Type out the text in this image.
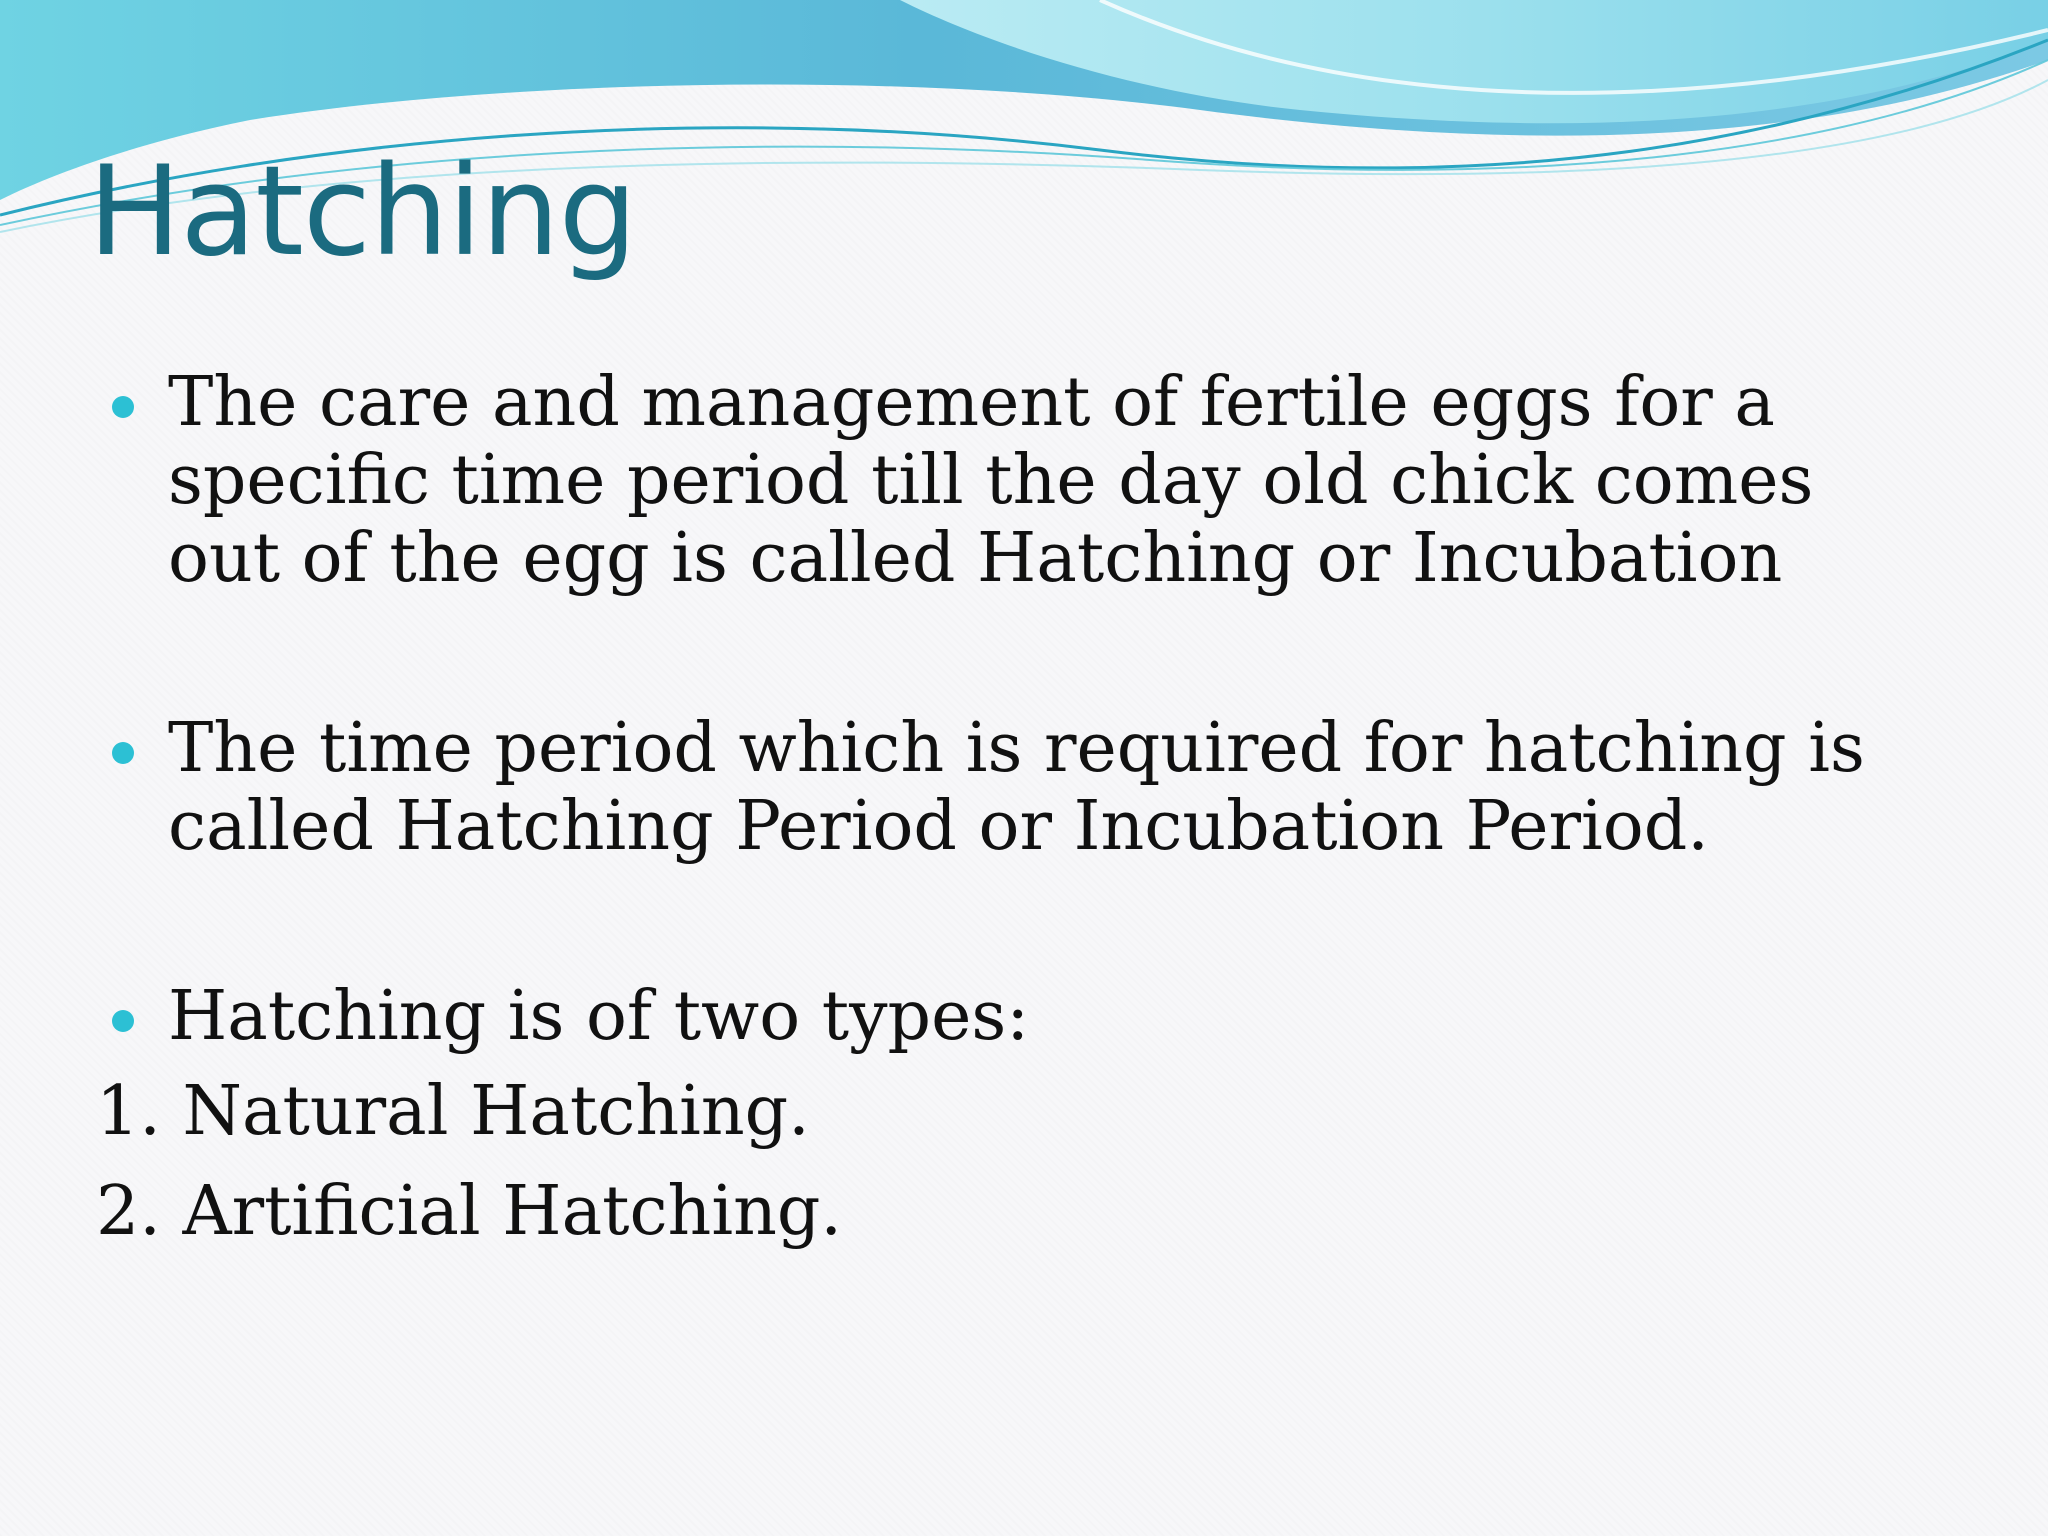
Hatching

The care and management of fertile eggs for a specific time period till the day old chick comes out of the egg is called Hatching or Incubation

The time period which is required for hatching is called Hatching Period or Incubation Period.

Hatching is of two types:

1. Natural Hatching.
2. Artificial Hatching.
